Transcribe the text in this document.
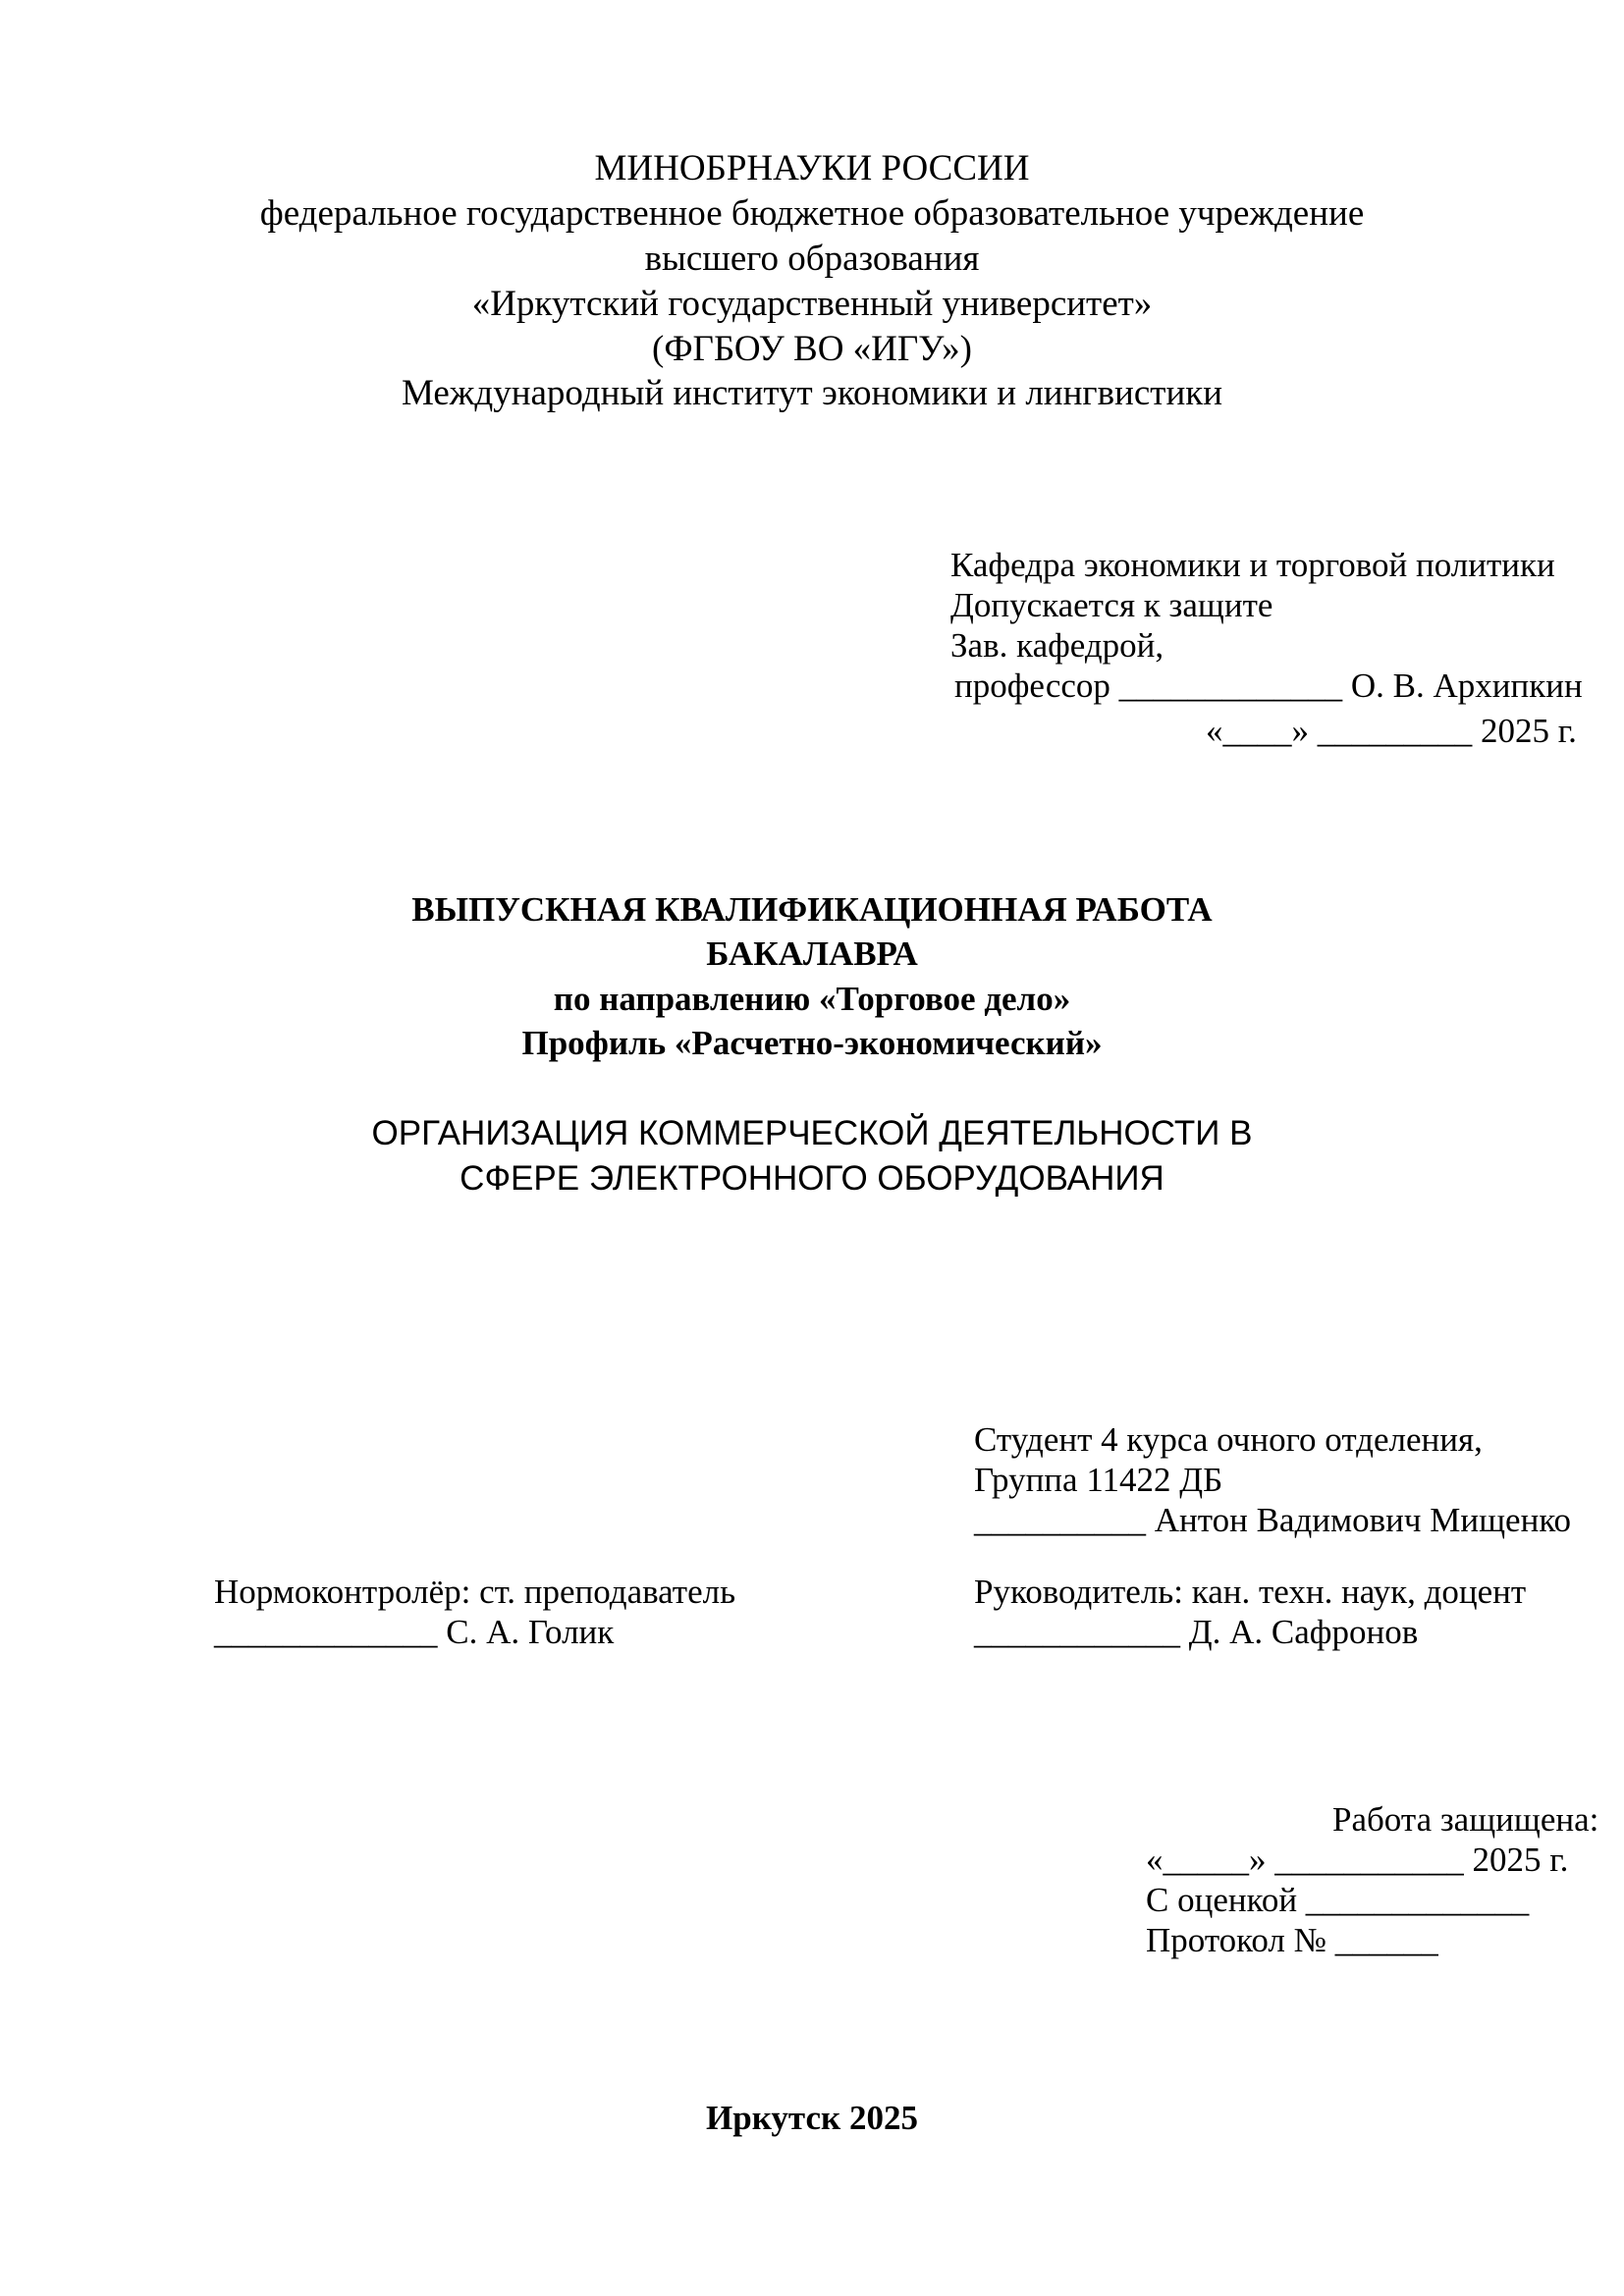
МИНОБРНАУКИ РОССИИ
федеральное государственное бюджетное образовательное учреждение
высшего образования
«Иркутский государственный университет»
(ФГБОУ ВО «ИГУ»)
Международный институт экономики и лингвистики
Кафедра экономики и торговой политики
Допускается к защите
Зав. кафедрой,
профессор _____________ О. В. Архипкин
«____» _________ 2025 г.
ВЫПУСКНАЯ КВАЛИФИКАЦИОННАЯ РАБОТА
БАКАЛАВРА
по направлению «Торговое дело»
Профиль «Расчетно-экономический»
ОРГАНИЗАЦИЯ КОММЕРЧЕСКОЙ ДЕЯТЕЛЬНОСТИ В
СФЕРЕ ЭЛЕКТРОННОГО ОБОРУДОВАНИЯ
Студент 4 курса очного отделения,
Группа 11422 ДБ
__________ Антон Вадимович Мищенко
Нормоконтролёр: ст. преподаватель
_____________ С. А. Голик
Руководитель: кан. техн. наук, доцент
____________ Д. А. Сафронов
Работа защищена:
«_____» ___________ 2025 г.
С оценкой _____________
Протокол № ______
Иркутск 2025
